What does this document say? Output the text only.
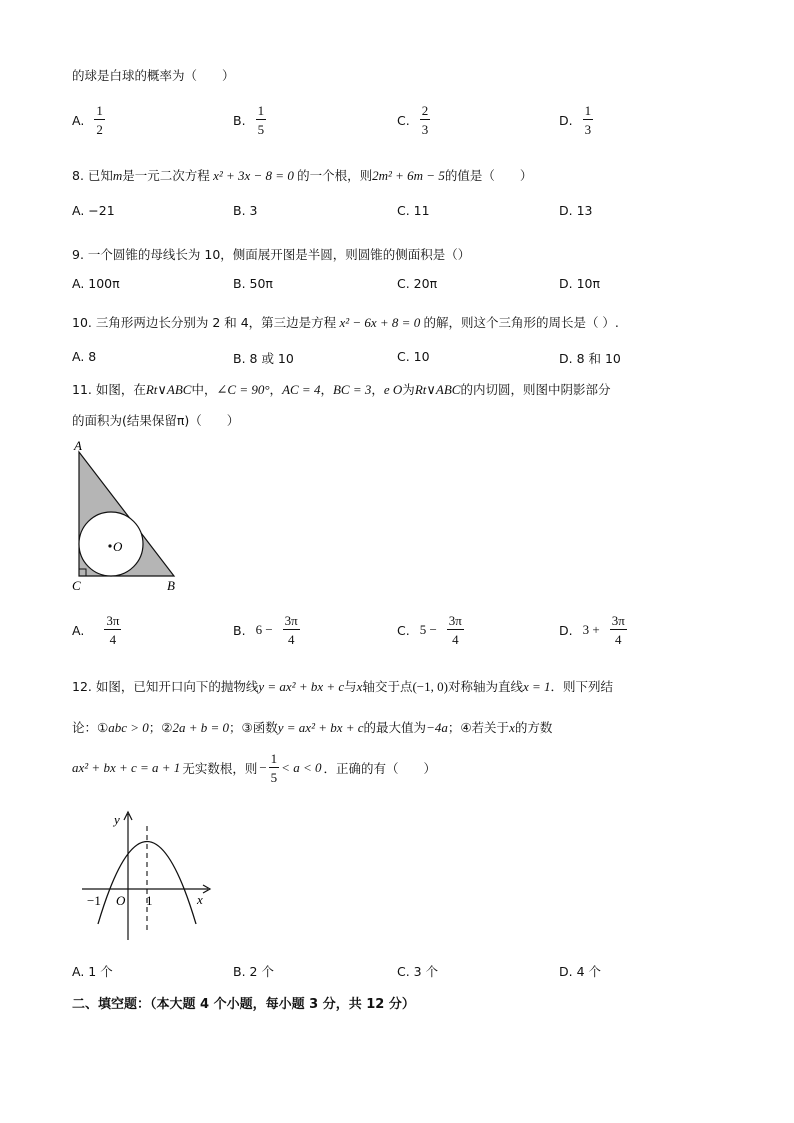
的球是白球的概率为（　　）
A. $\frac{1}{2}$	B. $\frac{1}{5}$	C. $\frac{2}{3}$	D. $\frac{1}{3}$
8. 已知m是一元二次方程 x² + 3x − 8 = 0 的一个根，则2m² + 6m − 5的值是（　　）
A. −21	B. 3	C. 11	D. 13
9. 一个圆锥的母线长为 10，侧面展开图是半圆，则圆锥的侧面积是（）
A. 100π	B. 50π	C. 20π	D. 10π
10. 三角形两边长分别为 2 和 4，第三边是方程 x² − 6x + 8 = 0 的解，则这个三角形的周长是（ ）.
A. 8	B. 8 或 10	C. 10	D. 8 和 10
11. 如图，在Rt∨ABC中，∠C = 90°，AC = 4，BC = 3，e O为Rt∨ABC的内切圆，则图中阴影部分
的面积为(结果保留π)（　　）
O
A
C	B
A. $\frac{3\pi}{4}$	B. $6 - \frac{3\pi}{4}$	C. $5 - \frac{3\pi}{4}$	D. $3 + \frac{3\pi}{4}$
12. 如图，已知开口向下的抛物线y = ax² + bx + c与x轴交于点(−1, 0)对称轴为直线x = 1．则下列结
论：①abc > 0；②2a + b = 0；③函数y = ax² + bx + c的最大值为−4a；④若关于x的方数
ax² + bx + c = a + 1 无实数根，则 − $\frac{1}{5} < a < 0$ ．正确的有（　　）
y
x
O
−1	1
A. 1 个	B. 2 个	C. 3 个	D. 4 个
二、填空题：（本大题 4 个小题，每小题 3 分，共 12 分）
